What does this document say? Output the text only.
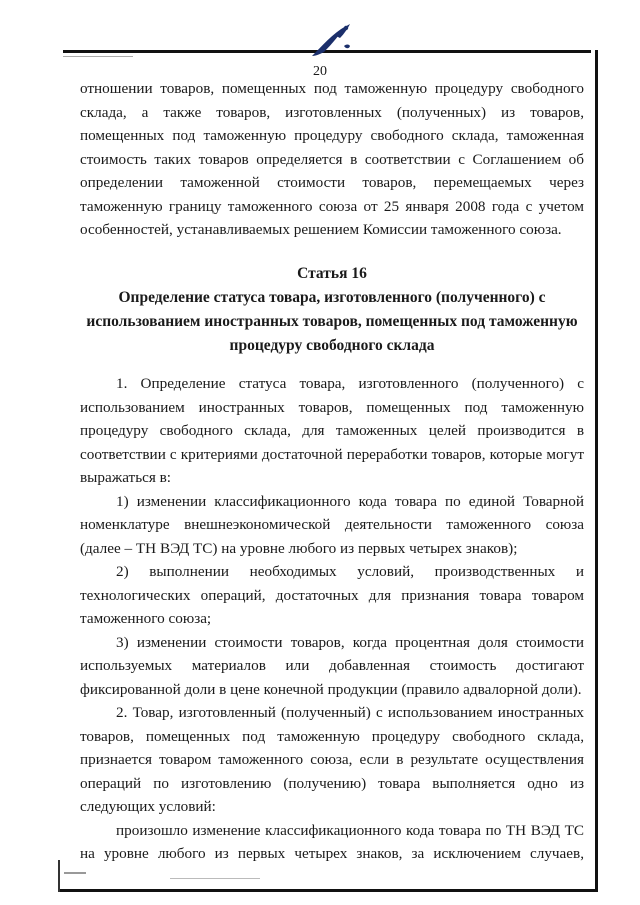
20
отношении товаров, помещенных под таможенную процедуру свободного
склада, а также товаров, изготовленных (полученных) из товаров,
помещенных под таможенную процедуру свободного склада, таможенная
стоимость таких товаров определяется в соответствии с Соглашением об
определении таможенной стоимости товаров, перемещаемых через
таможенную границу таможенного союза от 25 января 2008 года с учетом
особенностей, устанавливаемых решением Комиссии таможенного союза.
Статья 16
Определение статуса товара, изготовленного (полученного) с
использованием иностранных товаров, помещенных под таможенную
процедуру свободного склада
1. Определение статуса товара, изготовленного (полученного) с
использованием иностранных товаров, помещенных под таможенную
процедуру свободного склада, для таможенных целей производится в
соответствии с критериями достаточной переработки товаров, которые могут
выражаться в:
1) изменении классификационного кода товара по единой Товарной
номенклатуре внешнеэкономической деятельности таможенного союза
(далее – ТН ВЭД ТС) на уровне любого из первых четырех знаков);
2) выполнении необходимых условий, производственных и
технологических операций, достаточных для признания товара товаром
таможенного союза;
3) изменении стоимости товаров, когда процентная доля стоимости
используемых материалов или добавленная стоимость достигают
фиксированной доли в цене конечной продукции (правило адвалорной доли).
2. Товар, изготовленный (полученный) с использованием иностранных
товаров, помещенных под таможенную процедуру свободного склада,
признается товаром таможенного союза, если в результате осуществления
операций по изготовлению (получению) товара выполняется одно из
следующих условий:
произошло изменение классификационного кода товара по ТН ВЭД ТС
на уровне любого из первых четырех знаков, за исключением случаев,
